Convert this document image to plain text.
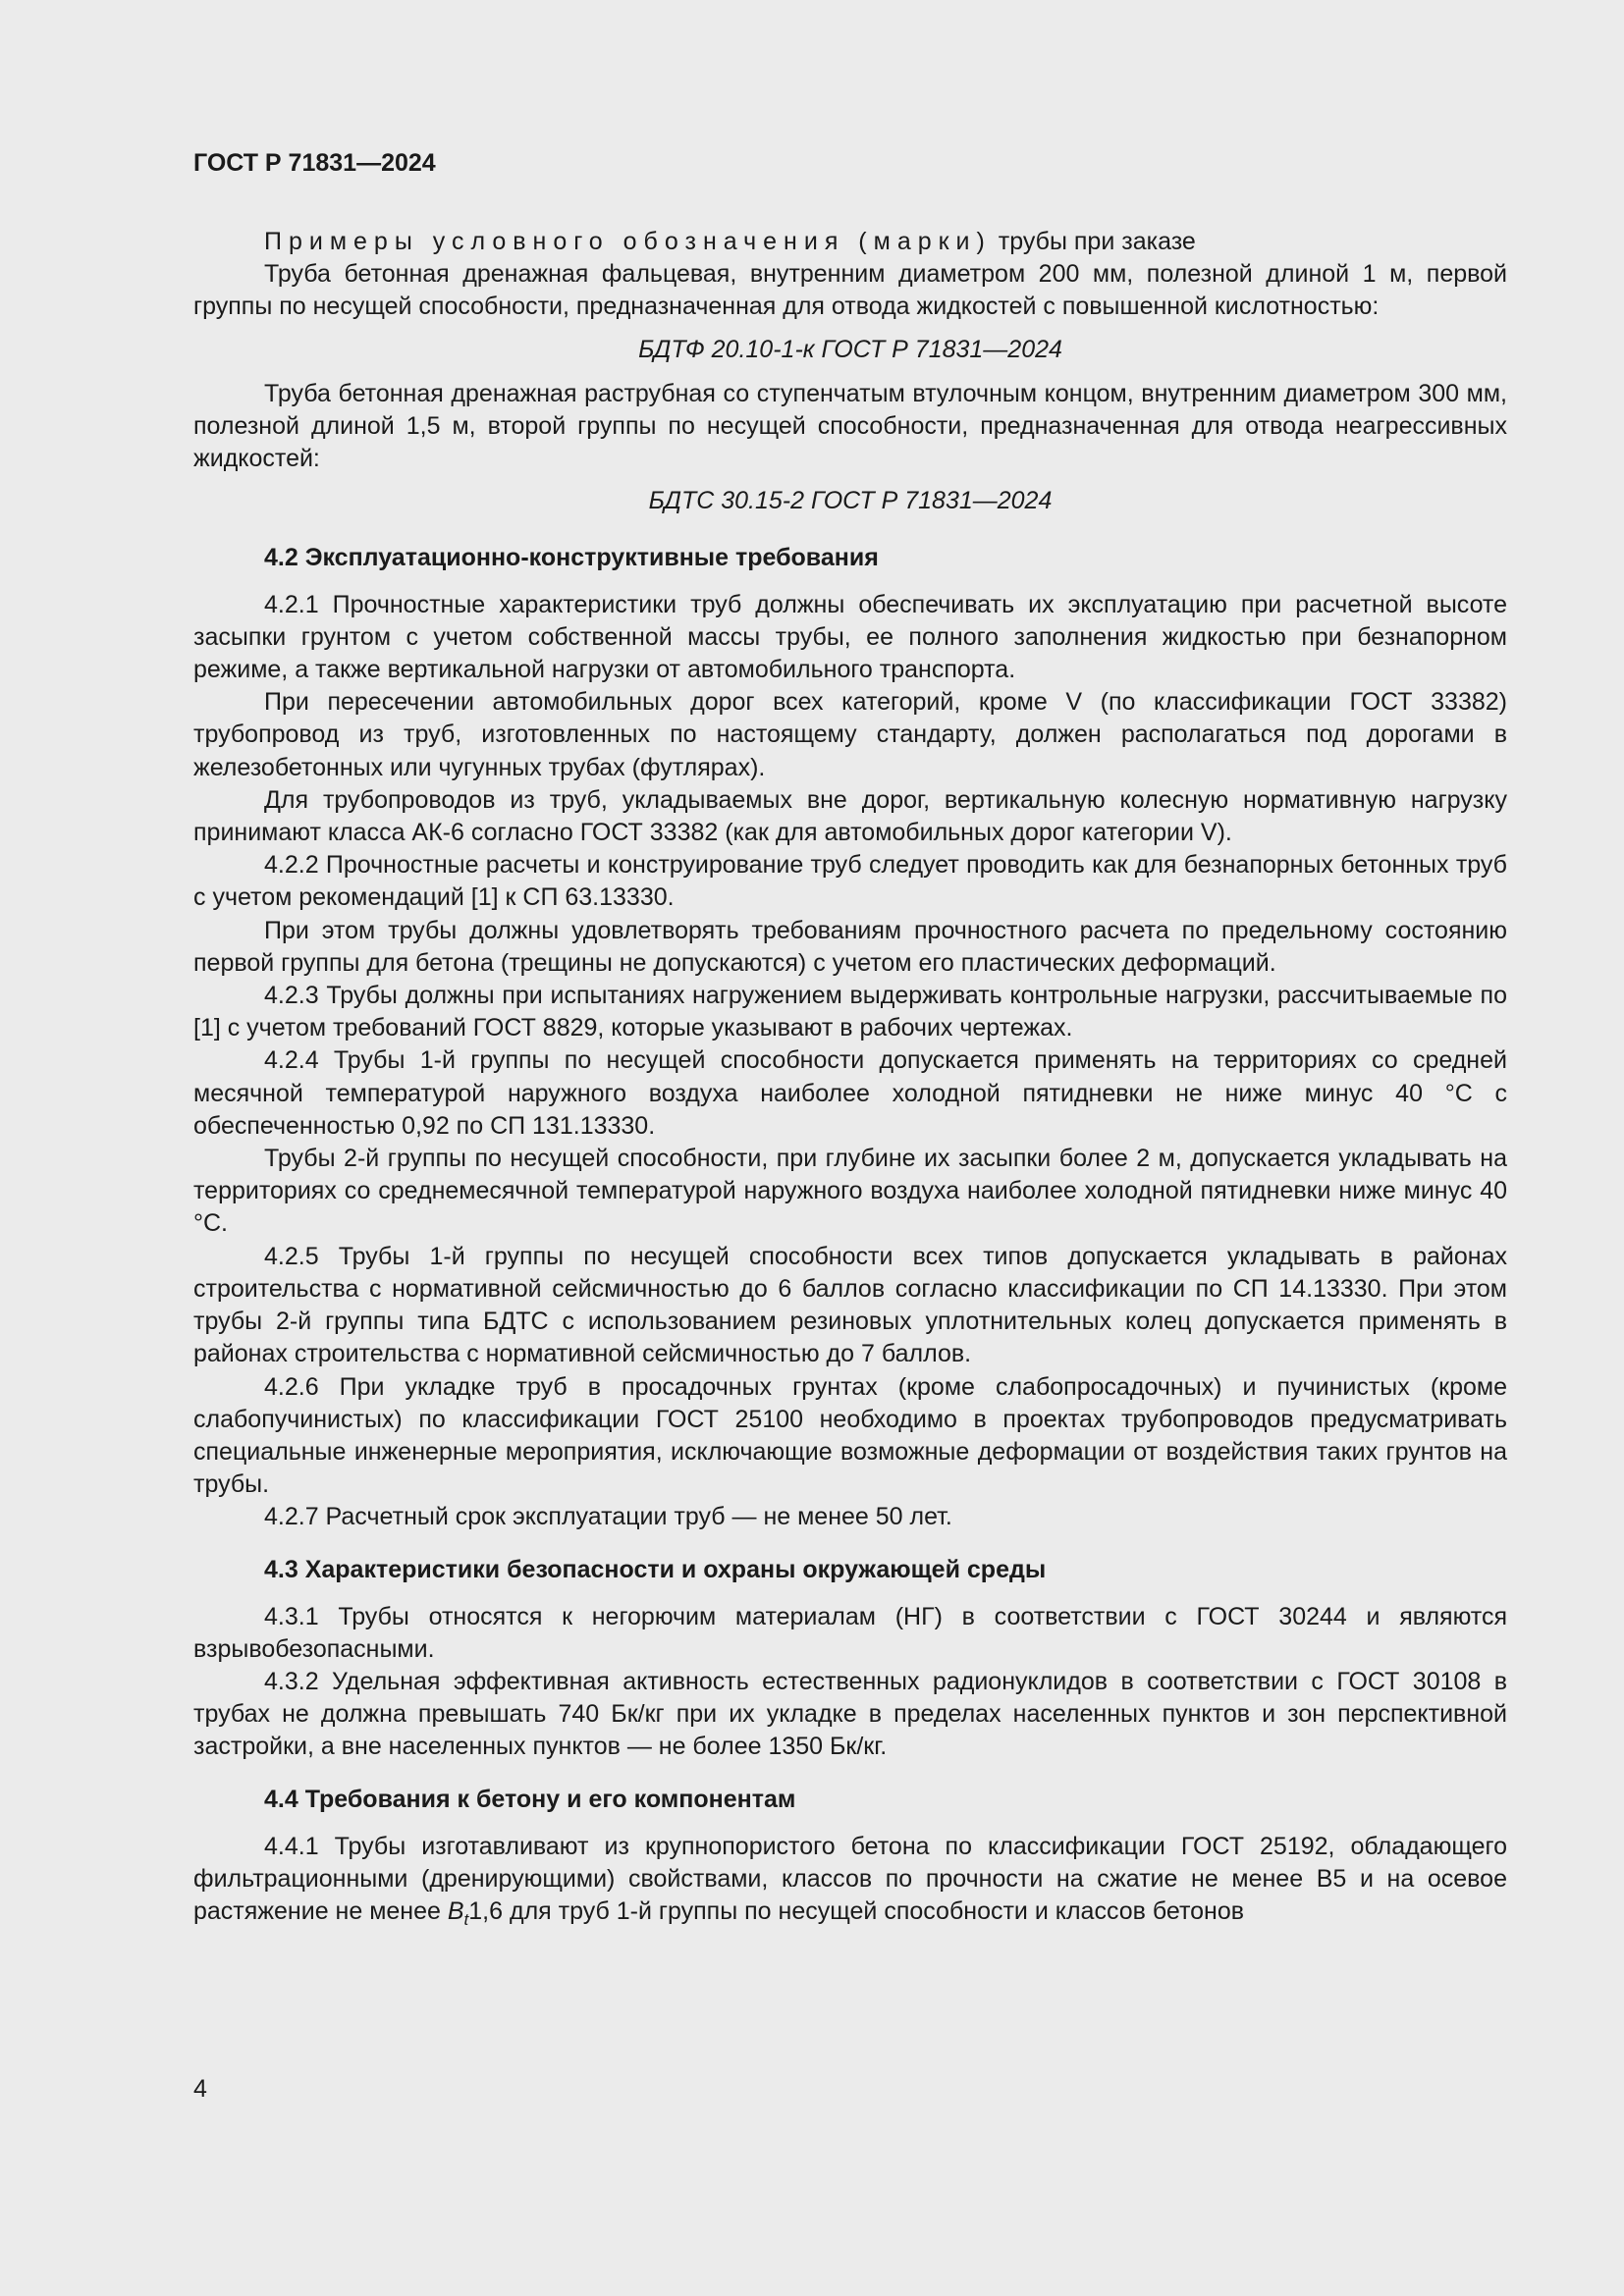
ГОСТ Р 71831—2024

Примеры условного обозначения (марки) трубы при заказе

Труба бетонная дренажная фальцевая, внутренним диаметром 200 мм, полезной длиной 1 м, первой группы по несущей способности, предназначенная для отвода жидкостей с повышенной кислотностью:

БДТФ 20.10-1-к ГОСТ Р 71831—2024

Труба бетонная дренажная раструбная со ступенчатым втулочным концом, внутренним диаметром 300 мм, полезной длиной 1,5 м, второй группы по несущей способности, предназначенная для отвода неагрессивных жидкостей:

БДТС 30.15-2 ГОСТ Р 71831—2024

4.2 Эксплуатационно-конструктивные требования

4.2.1 Прочностные характеристики труб должны обеспечивать их эксплуатацию при расчетной высоте засыпки грунтом с учетом собственной массы трубы, ее полного заполнения жидкостью при безнапорном режиме, а также вертикальной нагрузки от автомобильного транспорта.

При пересечении автомобильных дорог всех категорий, кроме V (по классификации ГОСТ 33382) трубопровод из труб, изготовленных по настоящему стандарту, должен располагаться под дорогами в железобетонных или чугунных трубах (футлярах).

Для трубопроводов из труб, укладываемых вне дорог, вертикальную колесную нормативную нагрузку принимают класса АК-6 согласно ГОСТ 33382 (как для автомобильных дорог категории V).

4.2.2 Прочностные расчеты и конструирование труб следует проводить как для безнапорных бетонных труб с учетом рекомендаций [1] к СП 63.13330.

При этом трубы должны удовлетворять требованиям прочностного расчета по предельному состоянию первой группы для бетона (трещины не допускаются) с учетом его пластических деформаций.

4.2.3 Трубы должны при испытаниях нагружением выдерживать контрольные нагрузки, рассчитываемые по [1] с учетом требований ГОСТ 8829, которые указывают в рабочих чертежах.

4.2.4 Трубы 1-й группы по несущей способности допускается применять на территориях со средней месячной температурой наружного воздуха наиболее холодной пятидневки не ниже минус 40 °С с обеспеченностью 0,92 по СП 131.13330.

Трубы 2-й группы по несущей способности, при глубине их засыпки более 2 м, допускается укладывать на территориях со среднемесячной температурой наружного воздуха наиболее холодной пятидневки ниже минус 40 °С.

4.2.5 Трубы 1-й группы по несущей способности всех типов допускается укладывать в районах строительства с нормативной сейсмичностью до 6 баллов согласно классификации по СП 14.13330. При этом трубы 2-й группы типа БДТС с использованием резиновых уплотнительных колец допускается применять в районах строительства с нормативной сейсмичностью до 7 баллов.

4.2.6 При укладке труб в просадочных грунтах (кроме слабопросадочных) и пучинистых (кроме слабопучинистых) по классификации ГОСТ 25100 необходимо в проектах трубопроводов предусматривать специальные инженерные мероприятия, исключающие возможные деформации от воздействия таких грунтов на трубы.

4.2.7 Расчетный срок эксплуатации труб — не менее 50 лет.

4.3 Характеристики безопасности и охраны окружающей среды

4.3.1 Трубы относятся к негорючим материалам (НГ) в соответствии с ГОСТ 30244 и являются взрывобезопасными.

4.3.2 Удельная эффективная активность естественных радионуклидов в соответствии с ГОСТ 30108 в трубах не должна превышать 740 Бк/кг при их укладке в пределах населенных пунктов и зон перспективной застройки, а вне населенных пунктов — не более 1350 Бк/кг.

4.4 Требования к бетону и его компонентам

4.4.1 Трубы изготавливают из крупнопористого бетона по классификации ГОСТ 25192, обладающего фильтрационными (дренирующими) свойствами, классов по прочности на сжатие не менее В5 и на осевое растяжение не менее $B_t1,6$ для труб 1-й группы по несущей способности и классов бетонов

4
